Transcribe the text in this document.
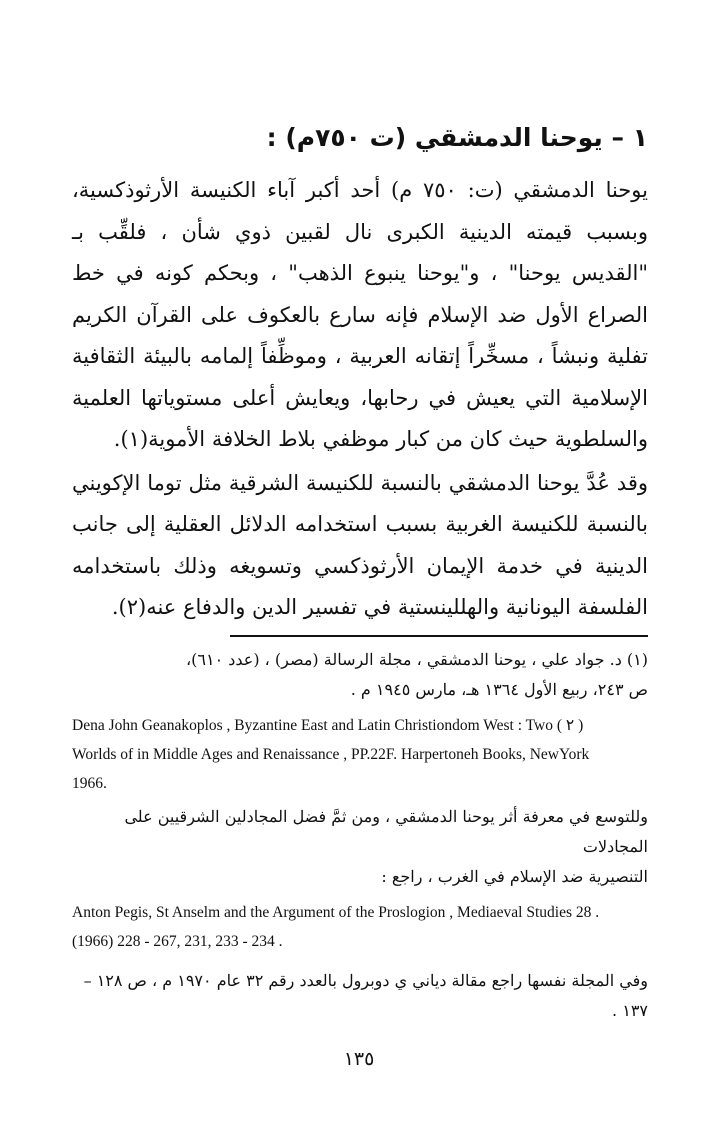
١ – يوحنا الدمشقي (ت ٧٥٠م) :

يوحنا الدمشقي (ت: ٧٥٠ م) أحد أكبر آباء الكنيسة الأرثوذكسية، وبسبب قيمته الدينية الكبرى نال لقبين ذوي شأن ، فلقِّب بـ "القديس يوحنا" ، و"يوحنا ينبوع الذهب" ، وبحكم كونه في خط الصراع الأول ضد الإسلام فإنه سارع بالعكوف على القرآن الكريم تفلية ونبشاً ، مسخِّراً إتقانه العربية ، وموظِّفاً إلمامه بالبيئة الثقافية الإسلامية التي يعيش في رحابها، ويعايش أعلى مستوياتها العلمية والسلطوية حيث كان من كبار موظفي بلاط الخلافة الأموية(١).

وقد عُدَّ يوحنا الدمشقي بالنسبة للكنيسة الشرقية مثل توما الإكويني بالنسبة للكنيسة الغربية بسبب استخدامه الدلائل العقلية إلى جانب الدينية في خدمة الإيمان الأرثوذكسي وتسويغه وذلك باستخدامه الفلسفة اليونانية والهللينستية في تفسير الدين والدفاع عنه(٢).

(١) د. جواد علي ، يوحنا الدمشقي ، مجلة الرسالة (مصر) ، (عدد ٦١٠)،
ص ٢٤٣، ربيع الأول ١٣٦٤ هـ، مارس ١٩٤٥ م .

Dena John Geanakoplos , Byzantine East and Latin Christiondom West : Two ( ٢ )
Worlds of in Middle Ages and Renaissance , PP.22F. Harpertoneh Books, NewYork
1966.

وللتوسع في معرفة أثر يوحنا الدمشقي ، ومن ثمَّ فضل المجادلين الشرقيين على المجادلات
التنصيرية ضد الإسلام في الغرب ، راجع :

Anton Pegis, St Anselm and the Argument of the Proslogion , Mediaeval Studies 28 .
(1966) 228 - 267, 231, 233 - 234 .

وفي المجلة نفسها راجع مقالة دياني ي دوبرول بالعدد رقم ٣٢ عام ١٩٧٠ م ، ص ١٢٨ – ١٣٧ .

١٣٥
